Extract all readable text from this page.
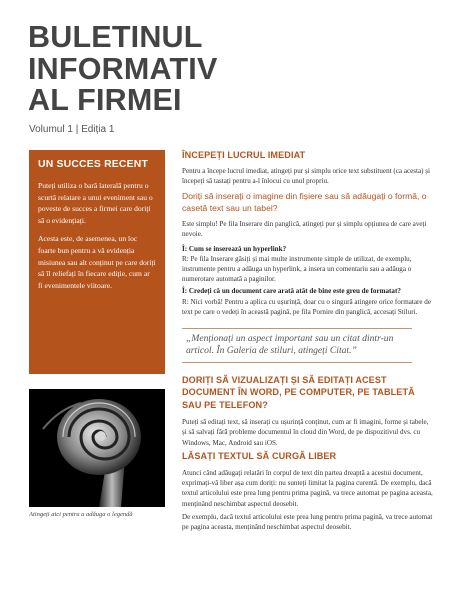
BULETINUL
INFORMATIV
AL FIRMEI
Volumul 1 | Ediția 1
UN SUCCES RECENT

Puteți utiliza o bară laterală pentru o scurtă relatare a unui eveniment sau o poveste de succes a firmei care doriți să o evidențiați.

Acesta este, de asemenea, un loc foarte bun pentru a vă evidenția misiunea sau alt conținut pe care doriți să îl reliefați în fiecare ediție, cum ar fi evenimentele viitoare.

Atingeți aici pentru a adăuga o legendă
ÎNCEPEȚI LUCRUL IMEDIAT

Pentru a începe lucrul imediat, atingeți pur și simplu orice text substituent (ca acesta) și începeți să tastați pentru a-l înlocui cu unul propriu.

Doriți să inserați o imagine din fișiere sau să adăugați o formă, o casetă text sau un tabel?

Este simplu! Pe fila Inserare din panglică, atingeți pur și simplu opțiunea de care aveți nevoie.

Î: Cum se inserează un hyperlink?

R: Pe fila Inserare găsiți și mai multe instrumente simple de utilizat, de exemplu, instrumente pentru a adăuga un hyperlink, a insera un comentariu sau a adăuga o numerotare automată a paginilor.

Î: Credeți că un document care arată atât de bine este greu de formatat?

R: Nici vorbă! Pentru a aplica cu ușurință, doar cu o singură atingere orice formatare de text pe care o vedeți în această pagină, pe fila Pornire din panglică, accesați Stiluri.

„Menționați un aspect important sau un citat dintr-un articol. În Galeria de stiluri, atingeți Citat.”

DORIȚI SĂ VIZUALIZAȚI ȘI SĂ EDITAȚI ACEST DOCUMENT ÎN WORD, PE COMPUTER, PE TABLETĂ SAU PE TELEFON?

Puteți să editați text, să inserați cu ușurință conținut, cum ar fi imagini, forme și tabele, și să salvați fără probleme documentul în cloud din Word, de pe dispozitivul dvs. cu Windows, Mac, Android sau iOS.

LĂSAȚI TEXTUL SĂ CURGĂ LIBER

Atunci când adăugați relatări în corpul de text din partea dreaptă a acestui document, exprimați-vă liber așa cum doriți: nu sunteți limitat la pagina curentă. De exemplu, dacă textul articolului este prea lung pentru prima pagină, va trece automat pe pagina aceasta, menținând neschimbat aspectul deosebit.

De exemplu, dacă textul articolului este prea lung pentru prima pagină, va trece automat pe pagina aceasta, menținând neschimbat aspectul deosebit.
